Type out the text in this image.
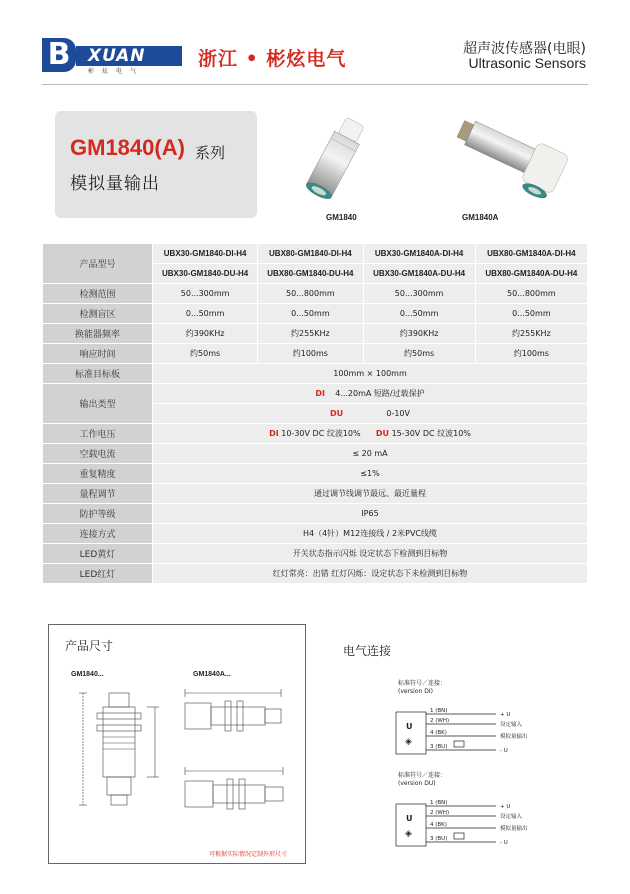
B	XUAN
彬炫电气
浙江 • 彬炫电气	超声波传感器(电眼)
Ultrasonic Sensors
GM1840(A) 系列
模拟量输出
GM1840	GM1840A
产品型号	UBX30-GM1840-DI-H4	UBX80-GM1840-DI-H4	UBX30-GM1840A-DI-H4	UBX80-GM1840A-DI-H4
	UBX30-GM1840-DU-H4	UBX80-GM1840-DU-H4	UBX30-GM1840A-DU-H4	UBX80-GM1840A-DU-H4
检测范围	50...300mm	50...800mm	50...300mm	50...800mm
检测盲区	0...50mm	0...50mm	0...50mm	0...50mm
换能器频率	约390KHz	约255KHz	约390KHz	约255KHz
响应时间	约50ms	约100ms	约50ms	约100ms
标准目标板	100mm × 100mm			
输出类型	DI 4...20mA 短路/过载保护			
	DU 0-10V			
工作电压	DI 10-30V DC 纹波10% DU 15-30V DC 纹波10%			
空载电流	≤ 20 mA			
重复精度	≤1%			
量程调节	通过调节线调节最远、最近量程			
防护等级	IP65			
连接方式	H4（4针）M12连接线 / 2米PVC线缆			
LED黄灯	开关状态指示闪烁 设定状态下检测到目标物			
LED红灯	红灯常亮：出错 红灯闪烁：设定状态下未检测到目标物			
产品尺寸
GM1840...	GM1840A...
可根据实际情况定制外形尺寸
电气连接
标准符号／连接：
(version DI)
U
◈
1 (BN)
2 (WH)
4 (BK)
3 (BU)
+ U
设定输入
模拟量输出
- U
标准符号／连接：
(version DU)
U
◈
1 (BN)
2 (WH)
4 (BK)
3 (BU)
+ U
设定输入
模拟量输出
- U
